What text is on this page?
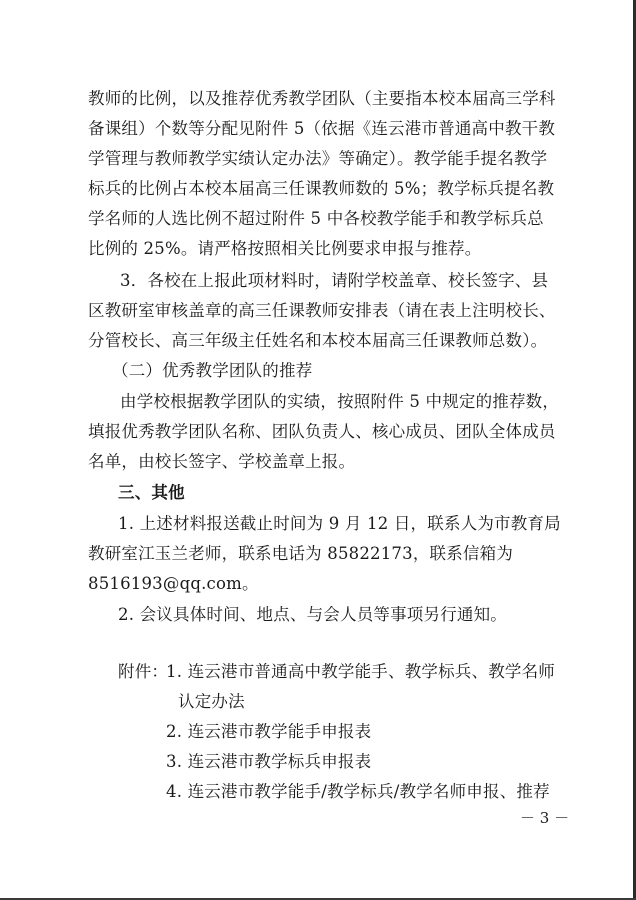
教师的比例，以及推荐优秀教学团队（主要指本校本届高三学科
备课组）个数等分配见附件 5（依据《连云港市普通高中教干教
学管理与教师教学实绩认定办法》等确定）。教学能手提名教学
标兵的比例占本校本届高三任课教师数的 5%；教学标兵提名教
学名师的人选比例不超过附件 5 中各校教学能手和教学标兵总
比例的 25%。请严格按照相关比例要求申报与推荐。
3．各校在上报此项材料时，请附学校盖章、校长签字、县
区教研室审核盖章的高三任课教师安排表（请在表上注明校长、
分管校长、高三年级主任姓名和本校本届高三任课教师总数）。
（二）优秀教学团队的推荐
由学校根据教学团队的实绩，按照附件 5 中规定的推荐数，
填报优秀教学团队名称、团队负责人、核心成员、团队全体成员
名单，由校长签字、学校盖章上报。
三、其他
1. 上述材料报送截止时间为 9 月 12 日，联系人为市教育局
教研室江玉兰老师，联系电话为 85822173，联系信箱为
8516193@qq.com。
2. 会议具体时间、地点、与会人员等事项另行通知。
附件：
1. 连云港市普通高中教学能手、教学标兵、教学名师
认定办法
2. 连云港市教学能手申报表
3. 连云港市教学标兵申报表
4. 连云港市教学能手/教学标兵/教学名师申报、推荐
－ 3 －
